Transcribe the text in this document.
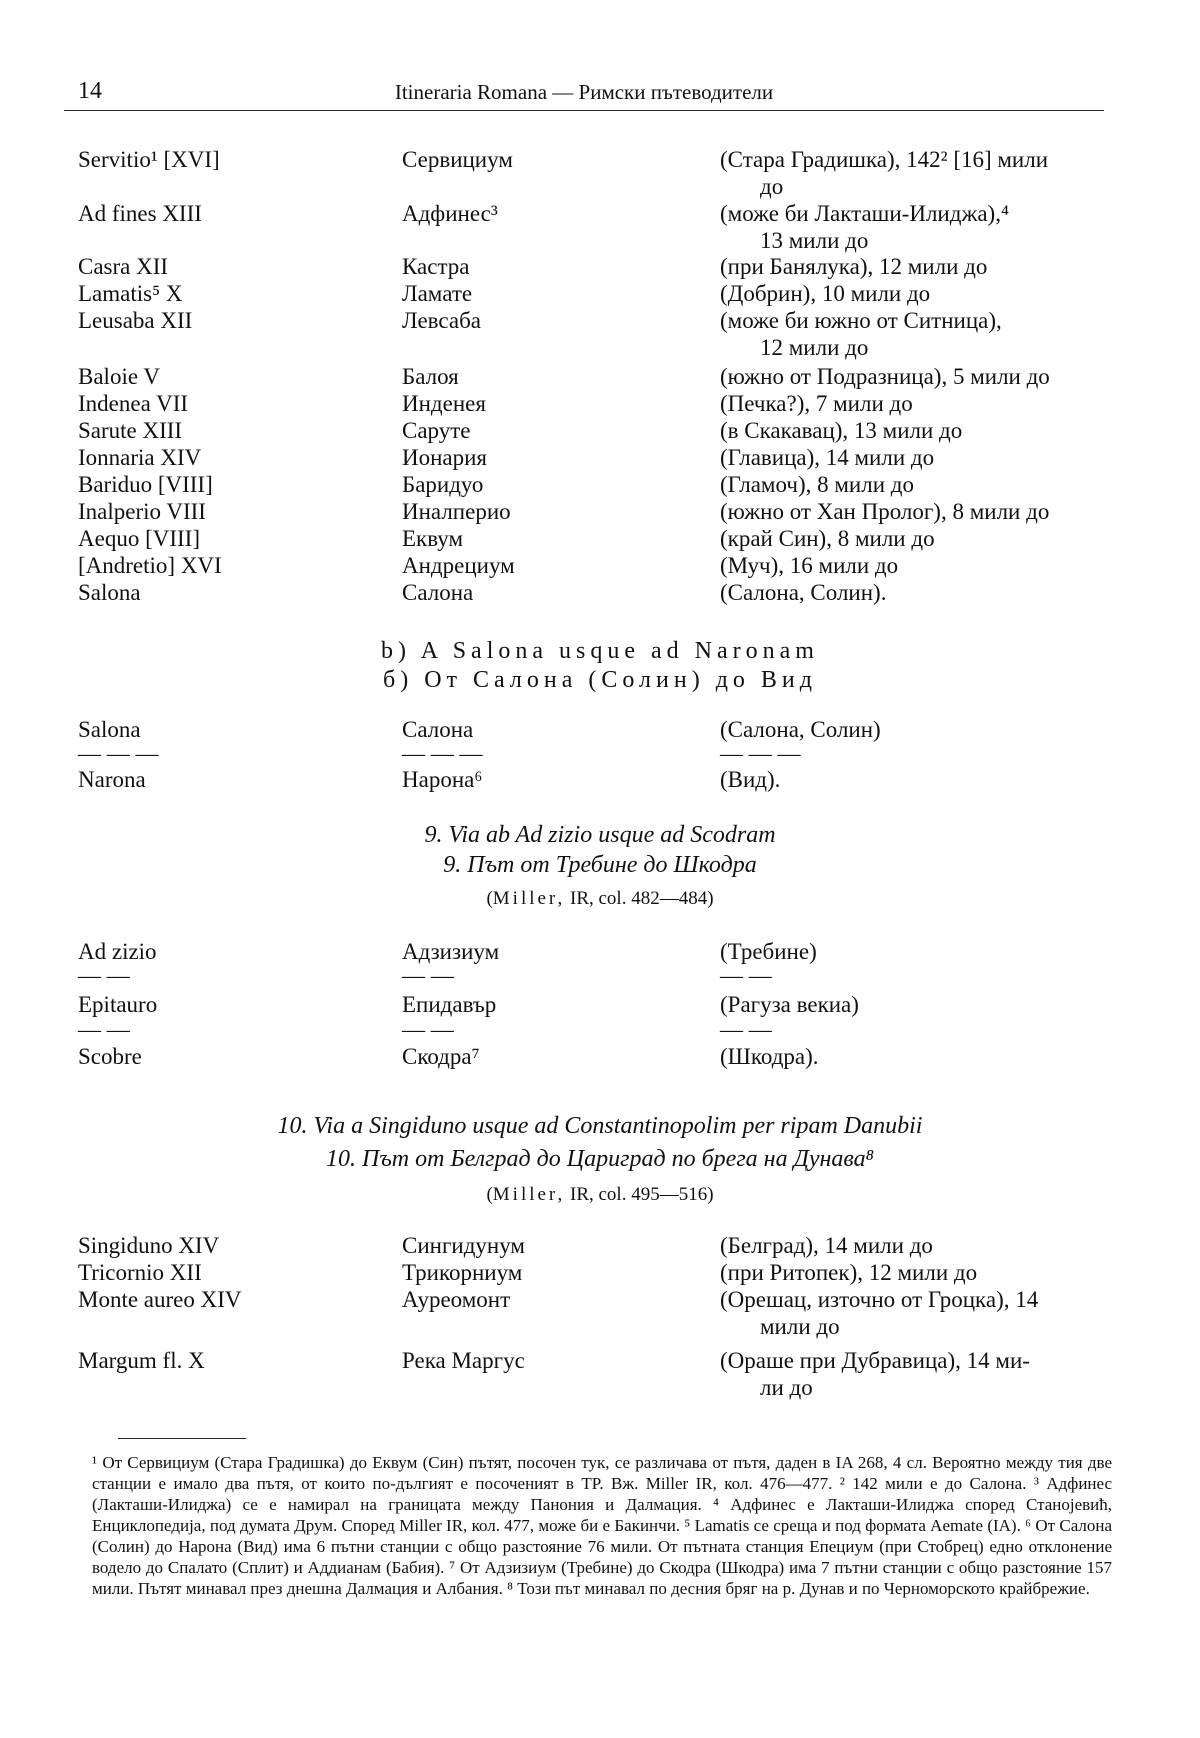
14	Itineraria Romana — Римски пътеводители
Servitio¹ [XVI]	Сервициум	(Стара Градишка), 142² [16] мили
до
Ad fines XIII	Адфинес³	(може би Лакташи-Илиджа),⁴
13 мили до
Casra XII	Кастра	(при Банялука), 12 мили до
Lamatis⁵ X	Ламате	(Добрин), 10 мили до
Leusaba XII	Левсаба	(може би южно от Ситница),
12 мили до
Baloie V	Балоя	(южно от Подразница), 5 мили до
Indenea VII	Инденея	(Печка?), 7 мили до
Sarute XIII	Саруте	(в Скакавац), 13 мили до
Ionnaria XIV	Ионария	(Главица), 14 мили до
Bariduo [VIII]	Баридуо	(Гламоч), 8 мили до
Inalperio VIII	Иналперио	(южно от Хан Пролог), 8 мили до
Aequo [VIII]	Еквум	(край Син), 8 мили до
[Andretio] XVI	Андрециум	(Муч), 16 мили до
Salona	Салона	(Салона, Солин).
b) A Salona usque ad Naronam
б) От Салона (Солин) до Вид
Salona	Салона	(Салона, Солин)
— — —	— — —	— — —
Narona	Нарона⁶	(Вид).
9. Via ab Ad zizio usque ad Scodram
9. Път от Требине до Шкодра
(Miller, IR, col. 482—484)
Ad zizio	Адзизиум	(Требине)
— —	— —	— —
Epitauro	Епидавър	(Рагуза векиа)
— —	— —	— —
Scobre	Скодра⁷	(Шкодра).
10. Via a Singiduno usque ad Constantinopolim per ripam Danubii
10. Път от Белград до Цариград по брега на Дунава⁸
(Miller, IR, col. 495—516)
Singiduno XIV	Сингидунум	(Белград), 14 мили до
Tricornio XII	Трикорниум	(при Ритопек), 12 мили до
Monte aureo XIV	Ауреомонт	(Орешац, източно от Гроцка), 14
мили до
Margum fl. X	Река Маргус	(Ораше при Дубравица), 14 ми-
ли до
¹ От Сервициум (Стара Градишка) до Еквум (Син) пътят, посочен тук, се различава от пътя, даден в IA 268, 4 сл. Вероятно между тия две станции е имало два пътя, от които по-дългият е посоченият в TP. Вж. Miller IR, кол. 476—477. ² 142 мили е до Салона. ³ Адфинес (Лакташи-Илиджа) се е намирал на границата между Панония и Далмация. ⁴ Адфинес е Лакташи-Илиджа според Станојевић, Енциклопедија, под думата Друм. Според Miller IR, кол. 477, може би е Бакинчи. ⁵ Lamatis се среща и под формата Aemate (IA). ⁶ От Салона (Солин) до Нарона (Вид) има 6 пътни станции с общо разстояние 76 мили. От пътната станция Епециум (при Стобрец) едно отклонение водело до Спалато (Сплит) и Аддианам (Бабия). ⁷ От Адзизиум (Требине) до Скодра (Шкодра) има 7 пътни станции с общо разстояние 157 мили. Пътят минавал през днешна Далмация и Албания. ⁸ Този път минавал по десния бряг на р. Дунав и по Черноморското крайбрежие.
